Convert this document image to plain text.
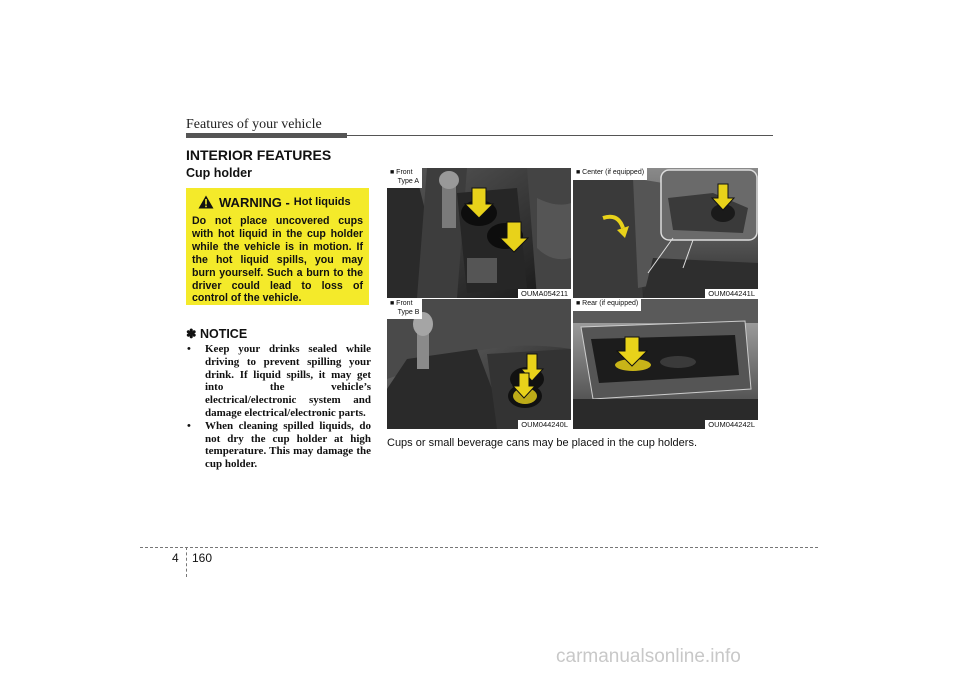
Features of your vehicle
INTERIOR FEATURES
Cup holder
WARNING - Hot liquids
Do not place uncovered cups with hot liquid in the cup holder while the vehicle is in motion. If the hot liquid spills, you may burn yourself. Such a burn to the driver could lead to loss of control of the vehicle.
✽ NOTICE
• Keep your drinks sealed while driving to prevent spilling your drink. If liquid spills, it may get into the vehicle’s electrical/electronic system and damage electrical/electronic parts.
• When cleaning spilled liquids, do not dry the cup holder at high temperature. This may damage the cup holder.
■ Front
Type A
OUMA054211
■ Center (if equipped)
OUM044241L
■ Front
Type B
OUM044240L
■ Rear (if equipped)
OUM044242L
Cups or small beverage cans may be placed in the cup holders.
4 160
carmanualsonline.info
